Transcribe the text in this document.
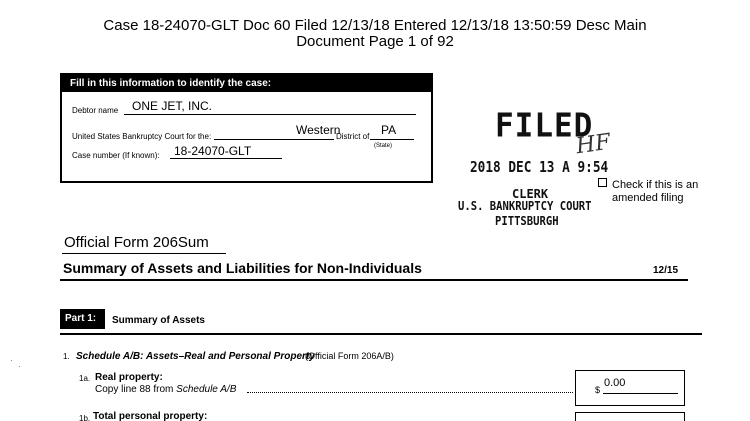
Case 18-24070-GLT Doc 60 Filed 12/13/18 Entered 12/13/18 13:50:59 Desc Main
Document Page 1 of 92
Fill in this information to identify the case:
Debtor name ONE JET, INC.
United States Bankruptcy Court for the:	Western
District of PA
(State)
Case number (If known): 18-24070-GLT
FILED
HF
2018 DEC 13 A 9:54
CLERK
U.S. BANKRUPTCY COURT
PITTSBURGH
Check if this is an amended filing
Official Form 206Sum
Summary of Assets and Liabilities for Non-Individuals	12/15
Part 1:	Summary of Assets
·
·
1. Schedule A/B: Assets–Real and Personal Property
(Official Form 206A/B)
1a. Real property:
Copy line 88 from Schedule A/B	$
0.00
1b. Total personal property:
